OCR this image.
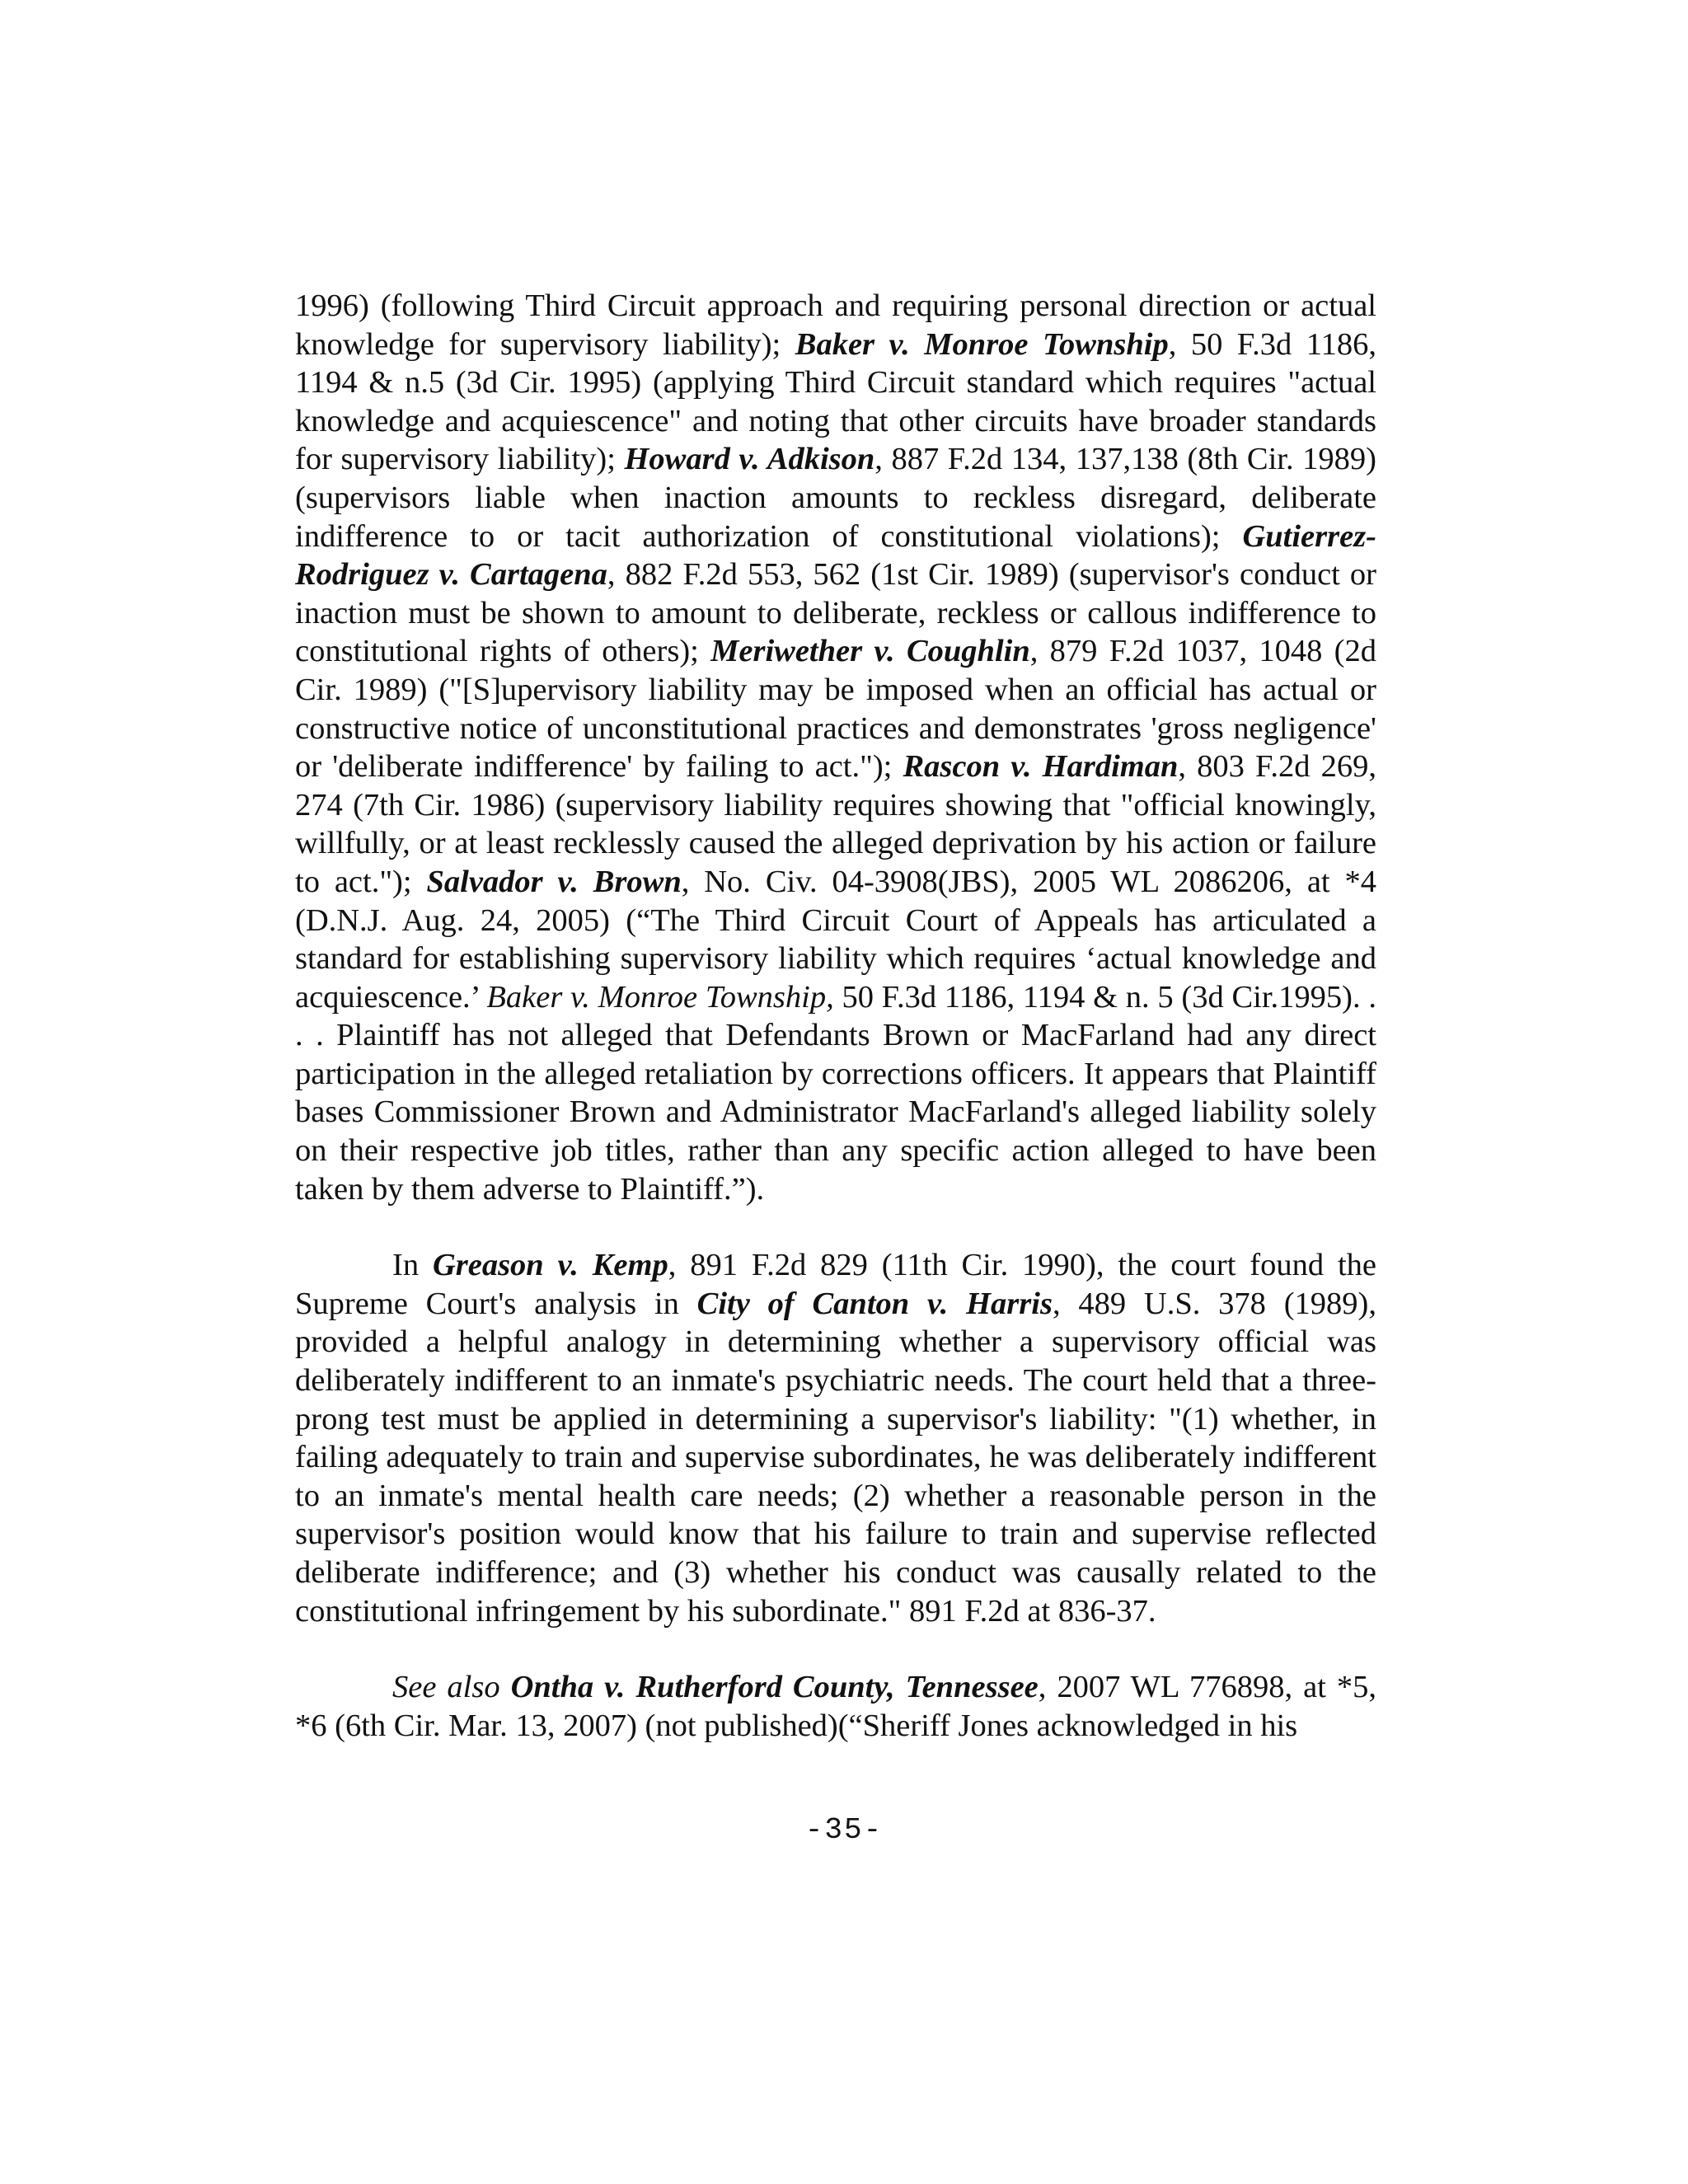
1996) (following Third Circuit approach and requiring personal direction or actual knowledge for supervisory liability); Baker v. Monroe Township, 50 F.3d 1186, 1194 & n.5 (3d Cir. 1995) (applying Third Circuit standard which requires "actual knowledge and acquiescence" and noting that other circuits have broader standards for supervisory liability); Howard v. Adkison, 887 F.2d 134, 137,138 (8th Cir. 1989) (supervisors liable when inaction amounts to reckless disregard, deliberate indifference to or tacit authorization of constitutional violations); Gutierrez-Rodriguez v. Cartagena, 882 F.2d 553, 562 (1st Cir. 1989) (supervisor's conduct or inaction must be shown to amount to deliberate, reckless or callous indifference to constitutional rights of others); Meriwether v. Coughlin, 879 F.2d 1037, 1048 (2d Cir. 1989) ("[S]upervisory liability may be imposed when an official has actual or constructive notice of unconstitutional practices and demonstrates 'gross negligence' or 'deliberate indifference' by failing to act."); Rascon v. Hardiman, 803 F.2d 269, 274 (7th Cir. 1986) (supervisory liability requires showing that "official knowingly, willfully, or at least recklessly caused the alleged deprivation by his action or failure to act."); Salvador v. Brown, No. Civ. 04-3908(JBS), 2005 WL 2086206, at *4 (D.N.J. Aug. 24, 2005) (“The Third Circuit Court of Appeals has articulated a standard for establishing supervisory liability which requires ‘actual knowledge and acquiescence.’ Baker v. Monroe Township, 50 F.3d 1186, 1194 & n. 5 (3d Cir.1995). . . . Plaintiff has not alleged that Defendants Brown or MacFarland had any direct participation in the alleged retaliation by corrections officers. It appears that Plaintiff bases Commissioner Brown and Administrator MacFarland's alleged liability solely on their respective job titles, rather than any specific action alleged to have been taken by them adverse to Plaintiff.”).

In Greason v. Kemp, 891 F.2d 829 (11th Cir. 1990), the court found the Supreme Court's analysis in City of Canton v. Harris, 489 U.S. 378 (1989), provided a helpful analogy in determining whether a supervisory official was deliberately indifferent to an inmate's psychiatric needs. The court held that a three-prong test must be applied in determining a supervisor's liability: "(1) whether, in failing adequately to train and supervise subordinates, he was deliberately indifferent to an inmate's mental health care needs; (2) whether a reasonable person in the supervisor's position would know that his failure to train and supervise reflected deliberate indifference; and (3) whether his conduct was causally related to the constitutional infringement by his subordinate." 891 F.2d at 836-37.

See also Ontha v. Rutherford County, Tennessee, 2007 WL 776898, at *5, *6 (6th Cir. Mar. 13, 2007) (not published)(“Sheriff Jones acknowledged in his

-35-
